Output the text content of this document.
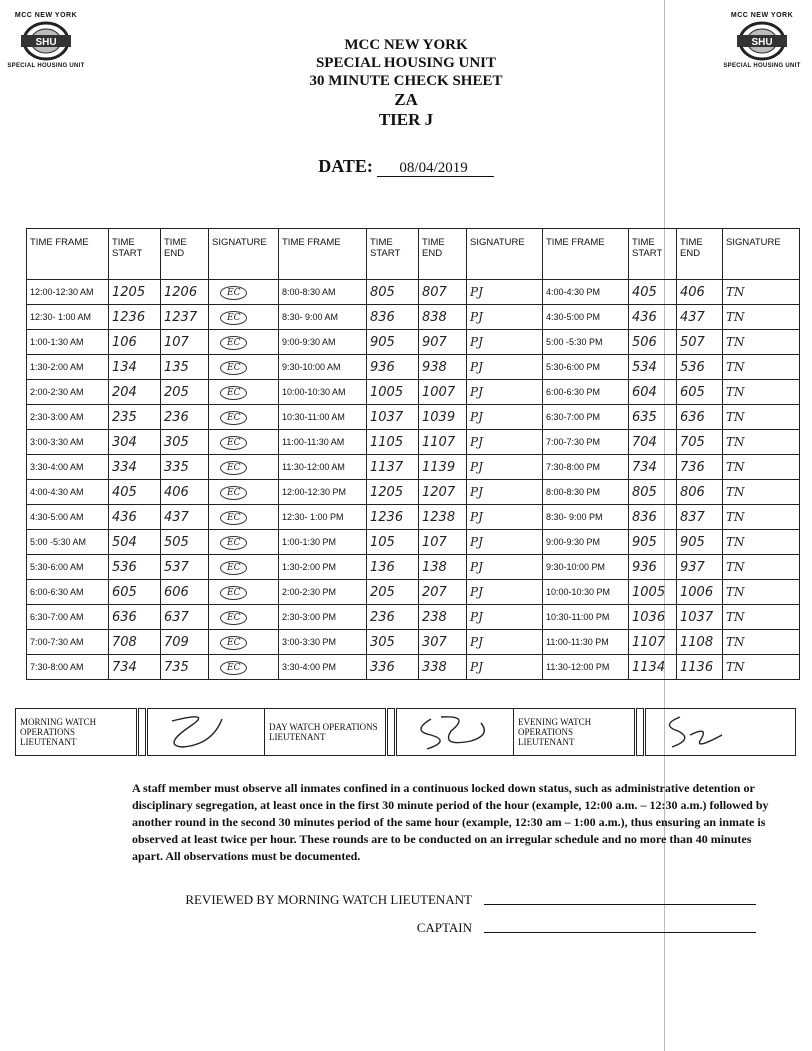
MCC NEW YORK
SHU
SPECIAL HOUSING UNIT
MCC NEW YORK
SHU
SPECIAL HOUSING UNIT
MCC NEW YORK
SPECIAL HOUSING UNIT
30 MINUTE CHECK SHEET
ZA
TIER J
DATE: 08/04/2019
TIME FRAME	TIME START	TIME END	SIGNATURE	TIME FRAME	TIME START	TIME END	SIGNATURE	TIME FRAME	TIME START	TIME END	SIGNATURE
12:00-12:30 AM	1205	1206	EC	8:00-8:30 AM	805	807	PJ	4:00-4:30 PM	405	406	TN
12:30- 1:00 AM	1236	1237	EC	8:30- 9:00 AM	836	838	PJ	4:30-5:00 PM	436	437	TN
1:00-1:30 AM	106	107	EC	9:00-9:30 AM	905	907	PJ	5:00 -5:30 PM	506	507	TN
1:30-2:00 AM	134	135	EC	9:30-10:00 AM	936	938	PJ	5:30-6:00 PM	534	536	TN
2:00-2:30 AM	204	205	EC	10:00-10:30 AM	1005	1007	PJ	6:00-6:30 PM	604	605	TN
2:30-3:00 AM	235	236	EC	10:30-11:00 AM	1037	1039	PJ	6:30-7:00 PM	635	636	TN
3:00-3:30 AM	304	305	EC	11:00-11:30 AM	1105	1107	PJ	7:00-7:30 PM	704	705	TN
3:30-4:00 AM	334	335	EC	11:30-12:00 AM	1137	1139	PJ	7:30-8:00 PM	734	736	TN
4:00-4:30 AM	405	406	EC	12:00-12:30 PM	1205	1207	PJ	8:00-8:30 PM	805	806	TN
4:30-5:00 AM	436	437	EC	12:30- 1:00 PM	1236	1238	PJ	8:30- 9:00 PM	836	837	TN
5:00 -5:30 AM	504	505	EC	1:00-1:30 PM	105	107	PJ	9:00-9:30 PM	905	905	TN
5:30-6:00 AM	536	537	EC	1:30-2:00 PM	136	138	PJ	9:30-10:00 PM	936	937	TN
6:00-6:30 AM	605	606	EC	2:00-2:30 PM	205	207	PJ	10:00-10:30 PM	1005	1006	TN
6:30-7:00 AM	636	637	EC	2:30-3:00 PM	236	238	PJ	10:30-11:00 PM	1036	1037	TN
7:00-7:30 AM	708	709	EC	3:00-3:30 PM	305	307	PJ	11:00-11:30 PM	1107	1108	TN
7:30-8:00 AM	734	735	EC	3:30-4:00 PM	336	338	PJ	11:30-12:00 PM	1134	1136	TN
MORNING WATCH OPERATIONS LIEUTENANT			DAY WATCH OPERATIONS LIEUTENANT			EVENING WATCH OPERATIONS LIEUTENANT		
A staff member must observe all inmates confined in a continuous locked down status, such as administrative detention or disciplinary segregation, at least once in the first 30 minute period of the hour (example, 12:00 a.m. – 12:30 a.m.) followed by another round in the second 30 minutes period of the same hour (example, 12:30 am – 1:00 a.m.), thus ensuring an inmate is observed at least twice per hour. These rounds are to be conducted on an irregular schedule and no more than 40 minutes apart. All observations must be documented.
REVIEWED BY MORNING WATCH LIEUTENANT
CAPTAIN
